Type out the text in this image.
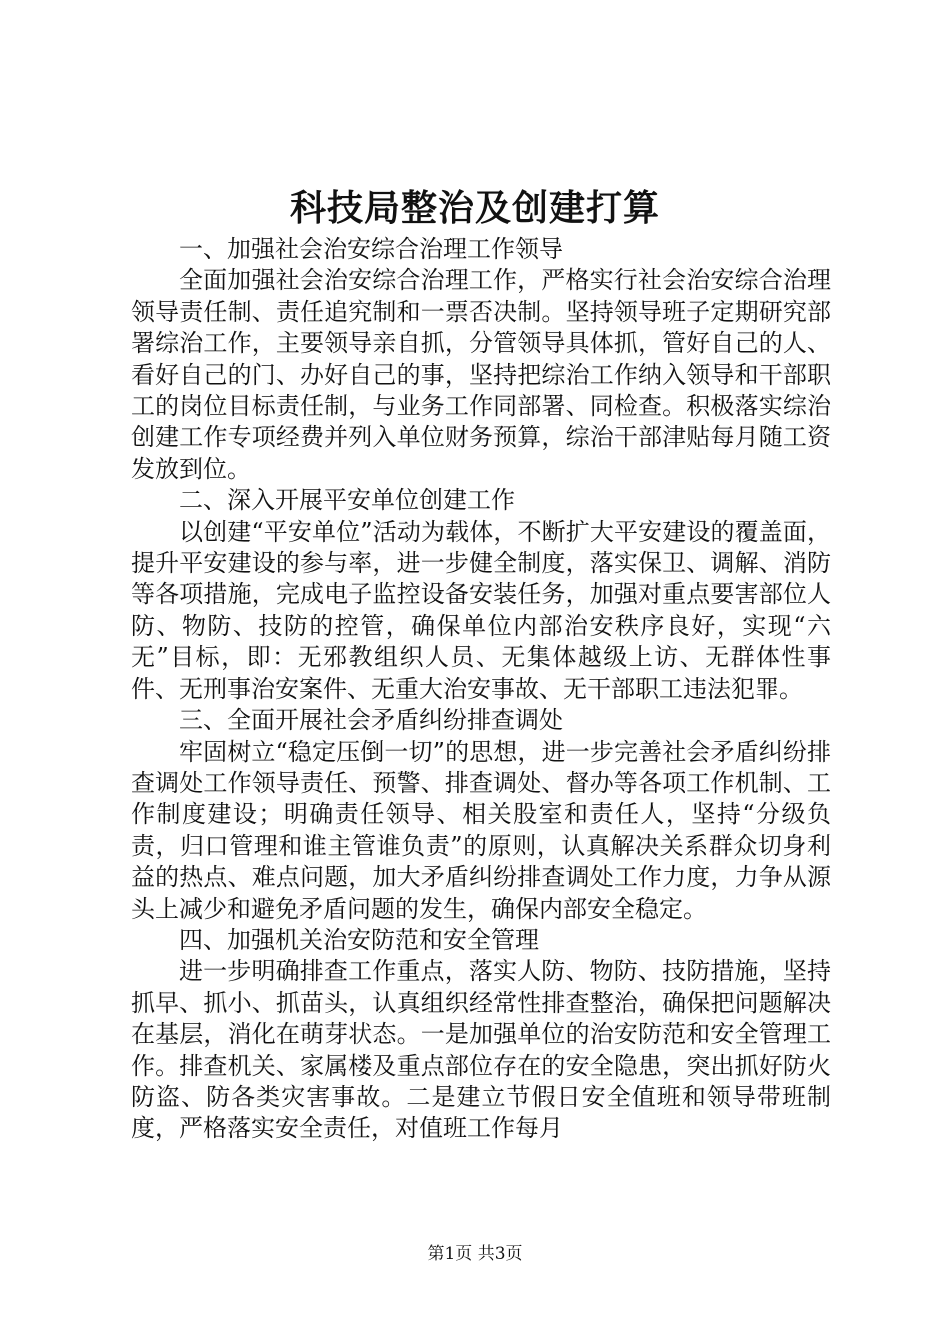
科技局整治及创建打算

一、加强社会治安综合治理工作领导

全面加强社会治安综合治理工作，严格实行社会治安综合治理领导责任制、责任追究制和一票否决制。坚持领导班子定期研究部署综治工作，主要领导亲自抓，分管领导具体抓，管好自己的人、看好自己的门、办好自己的事，坚持把综治工作纳入领导和干部职工的岗位目标责任制，与业务工作同部署、同检查。积极落实综治创建工作专项经费并列入单位财务预算，综治干部津贴每月随工资发放到位。

二、深入开展平安单位创建工作

以创建“平安单位”活动为载体，不断扩大平安建设的覆盖面，提升平安建设的参与率，进一步健全制度，落实保卫、调解、消防等各项措施，完成电子监控设备安装任务，加强对重点要害部位人防、物防、技防的控管，确保单位内部治安秩序良好，实现“六无”目标，即：无邪教组织人员、无集体越级上访、无群体性事件、无刑事治安案件、无重大治安事故、无干部职工违法犯罪。

三、全面开展社会矛盾纠纷排查调处

牢固树立“稳定压倒一切”的思想，进一步完善社会矛盾纠纷排查调处工作领导责任、预警、排查调处、督办等各项工作机制、工作制度建设；明确责任领导、相关股室和责任人，坚持“分级负责，归口管理和谁主管谁负责”的原则，认真解决关系群众切身利益的热点、难点问题，加大矛盾纠纷排查调处工作力度，力争从源头上减少和避免矛盾问题的发生，确保内部安全稳定。

四、加强机关治安防范和安全管理

进一步明确排查工作重点，落实人防、物防、技防措施，坚持抓早、抓小、抓苗头，认真组织经常性排查整治，确保把问题解决在基层，消化在萌芽状态。一是加强单位的治安防范和安全管理工作。排查机关、家属楼及重点部位存在的安全隐患，突出抓好防火防盗、防各类灾害事故。二是建立节假日安全值班和领导带班制度，严格落实安全责任，对值班工作每月

第1页 共3页
